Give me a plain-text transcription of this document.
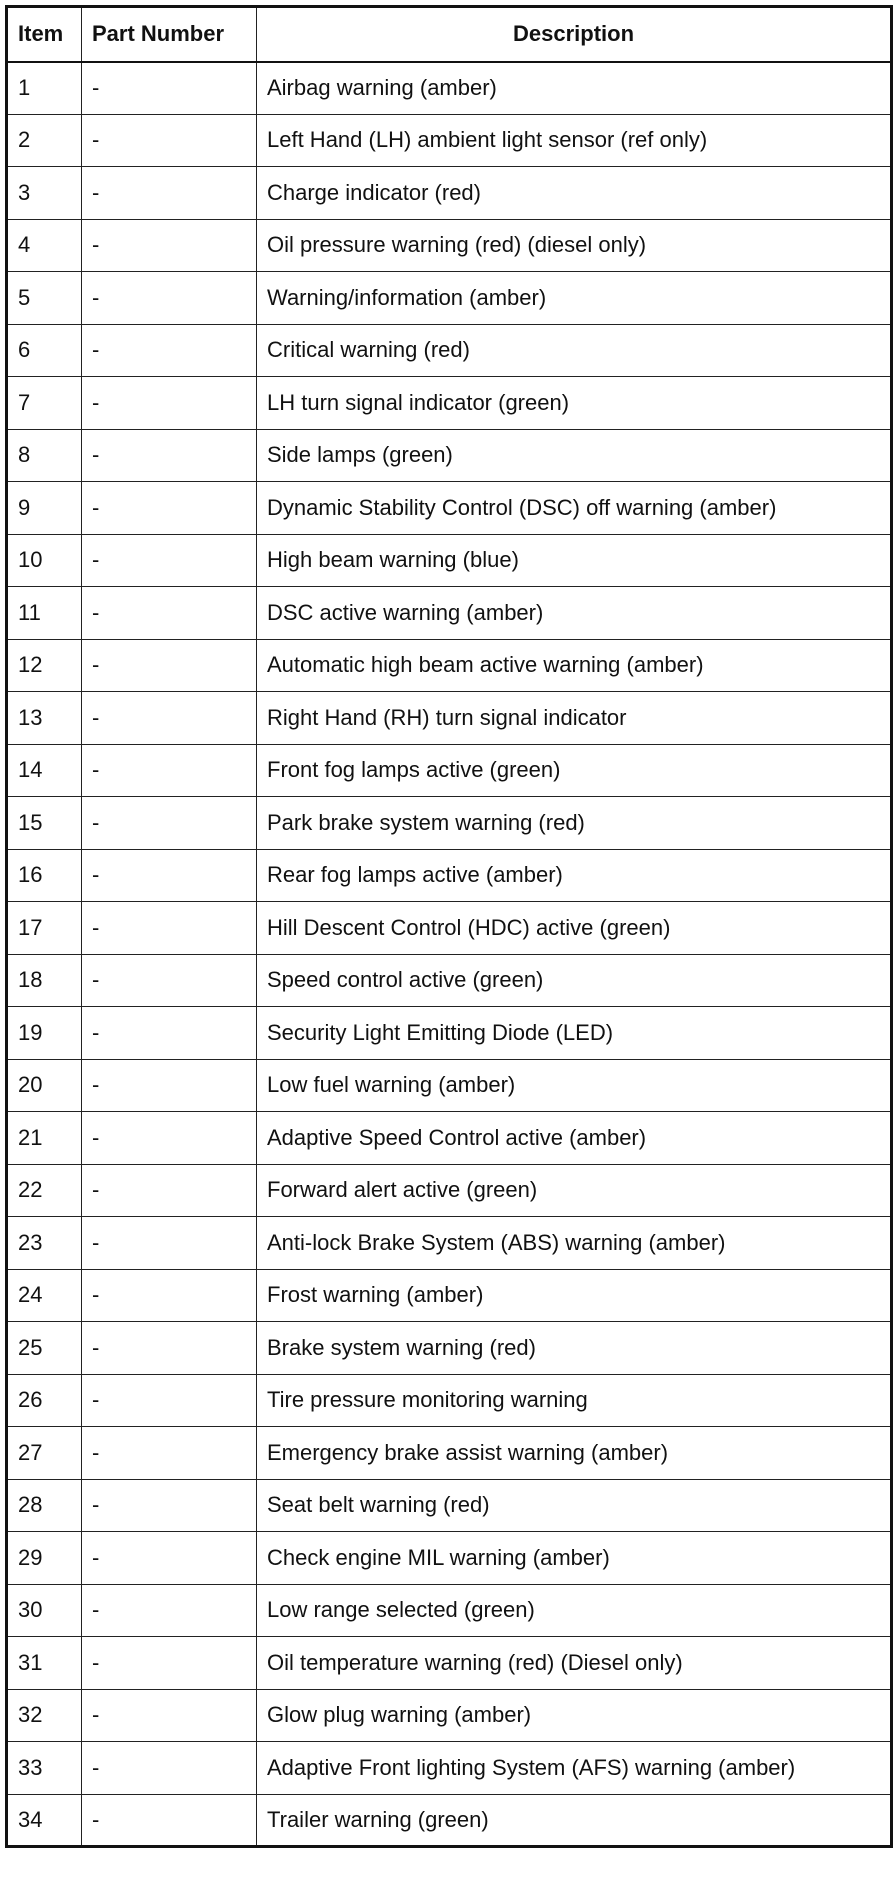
Item	Part Number	Description
1	-	Airbag warning (amber)
2	-	Left Hand (LH) ambient light sensor (ref only)
3	-	Charge indicator (red)
4	-	Oil pressure warning (red) (diesel only)
5	-	Warning/information (amber)
6	-	Critical warning (red)
7	-	LH turn signal indicator (green)
8	-	Side lamps (green)
9	-	Dynamic Stability Control (DSC) off warning (amber)
10	-	High beam warning (blue)
11	-	DSC active warning (amber)
12	-	Automatic high beam active warning (amber)
13	-	Right Hand (RH) turn signal indicator
14	-	Front fog lamps active (green)
15	-	Park brake system warning (red)
16	-	Rear fog lamps active (amber)
17	-	Hill Descent Control (HDC) active (green)
18	-	Speed control active (green)
19	-	Security Light Emitting Diode (LED)
20	-	Low fuel warning (amber)
21	-	Adaptive Speed Control active (amber)
22	-	Forward alert active (green)
23	-	Anti-lock Brake System (ABS) warning (amber)
24	-	Frost warning (amber)
25	-	Brake system warning (red)
26	-	Tire pressure monitoring warning
27	-	Emergency brake assist warning (amber)
28	-	Seat belt warning (red)
29	-	Check engine MIL warning (amber)
30	-	Low range selected (green)
31	-	Oil temperature warning (red) (Diesel only)
32	-	Glow plug warning (amber)
33	-	Adaptive Front lighting System (AFS) warning (amber)
34	-	Trailer warning (green)
